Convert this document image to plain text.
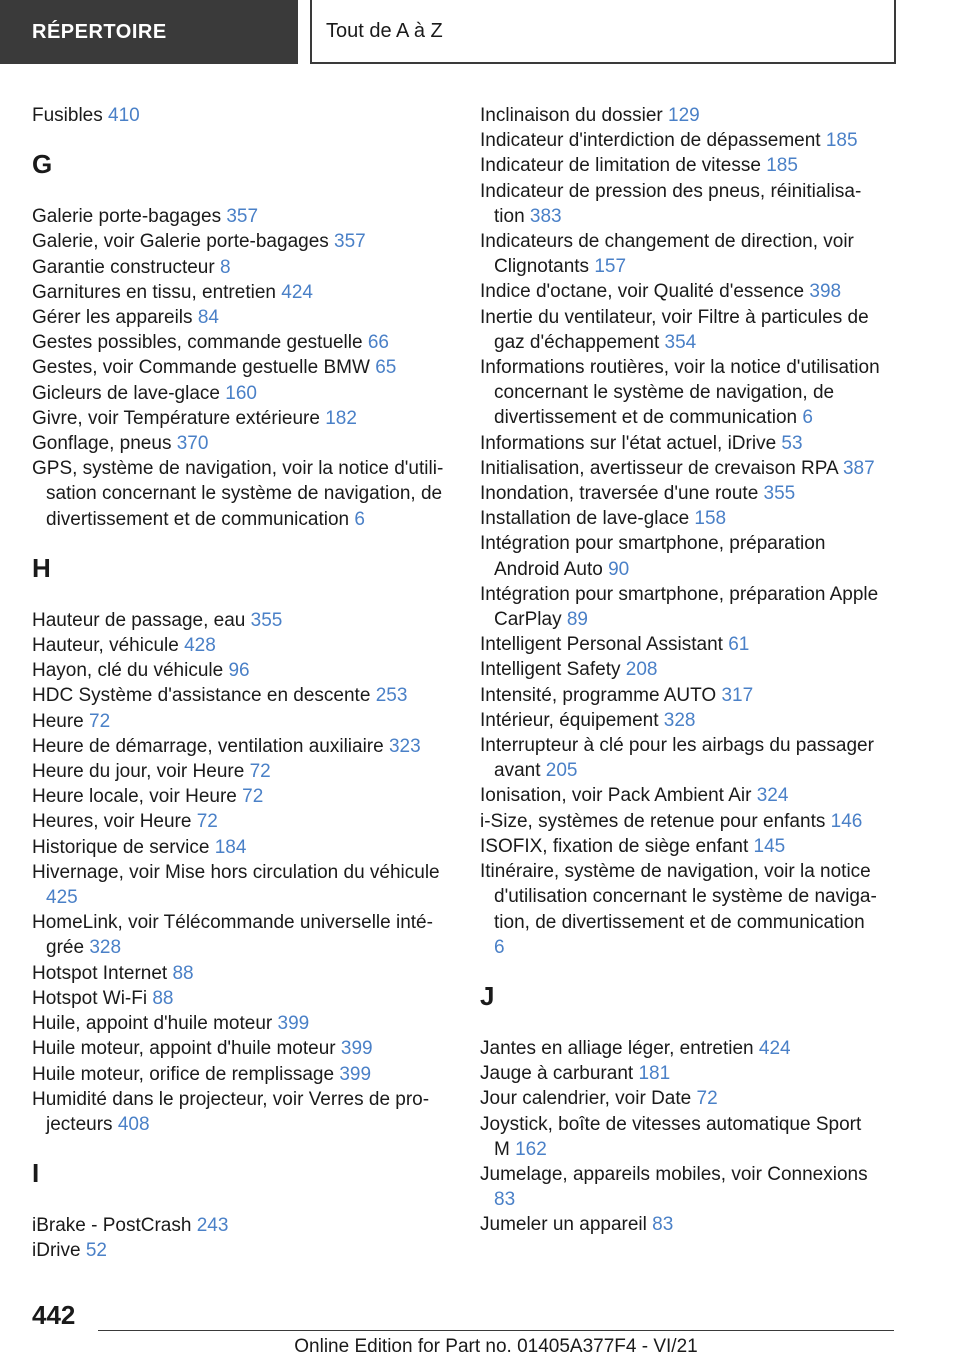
RÉPERTOIRE	Tout de A à Z
Fusibles 410
G
Galerie porte-bagages 357
Galerie, voir Galerie porte-bagages 357
Garantie constructeur 8
Garnitures en tissu, entretien 424
Gérer les appareils 84
Gestes possibles, commande gestuelle 66
Gestes, voir Commande gestuelle BMW 65
Gicleurs de lave-glace 160
Givre, voir Température extérieure 182
Gonflage, pneus 370
GPS, système de navigation, voir la notice d'utilisation concernant le système de navigation, de divertissement et de communication 6
H
Hauteur de passage, eau 355
Hauteur, véhicule 428
Hayon, clé du véhicule 96
HDC Système d'assistance en descente 253
Heure 72
Heure de démarrage, ventilation auxiliaire 323
Heure du jour, voir Heure 72
Heure locale, voir Heure 72
Heures, voir Heure 72
Historique de service 184
Hivernage, voir Mise hors circulation du véhicule 425
HomeLink, voir Télécommande universelle intégrée 328
Hotspot Internet 88
Hotspot Wi-Fi 88
Huile, appoint d'huile moteur 399
Huile moteur, appoint d'huile moteur 399
Huile moteur, orifice de remplissage 399
Humidité dans le projecteur, voir Verres de projecteurs 408
I
iBrake - PostCrash 243
iDrive 52
Inclinaison du dossier 129
Indicateur d'interdiction de dépassement 185
Indicateur de limitation de vitesse 185
Indicateur de pression des pneus, réinitialisation 383
Indicateurs de changement de direction, voir Clignotants 157
Indice d'octane, voir Qualité d'essence 398
Inertie du ventilateur, voir Filtre à particules de gaz d'échappement 354
Informations routières, voir la notice d'utilisation concernant le système de navigation, de divertissement et de communication 6
Informations sur l'état actuel, iDrive 53
Initialisation, avertisseur de crevaison RPA 387
Inondation, traversée d'une route 355
Installation de lave-glace 158
Intégration pour smartphone, préparation Android Auto 90
Intégration pour smartphone, préparation Apple CarPlay 89
Intelligent Personal Assistant 61
Intelligent Safety 208
Intensité, programme AUTO 317
Intérieur, équipement 328
Interrupteur à clé pour les airbags du passager avant 205
Ionisation, voir Pack Ambient Air 324
i-Size, systèmes de retenue pour enfants 146
ISOFIX, fixation de siège enfant 145
Itinéraire, système de navigation, voir la notice d'utilisation concernant le système de navigation, de divertissement et de communication 6
J
Jantes en alliage léger, entretien 424
Jauge à carburant 181
Jour calendrier, voir Date 72
Joystick, boîte de vitesses automatique Sport M 162
Jumelage, appareils mobiles, voir Connexions 83
Jumeler un appareil 83
442
Online Edition for Part no. 01405A377F4 - VI/21
